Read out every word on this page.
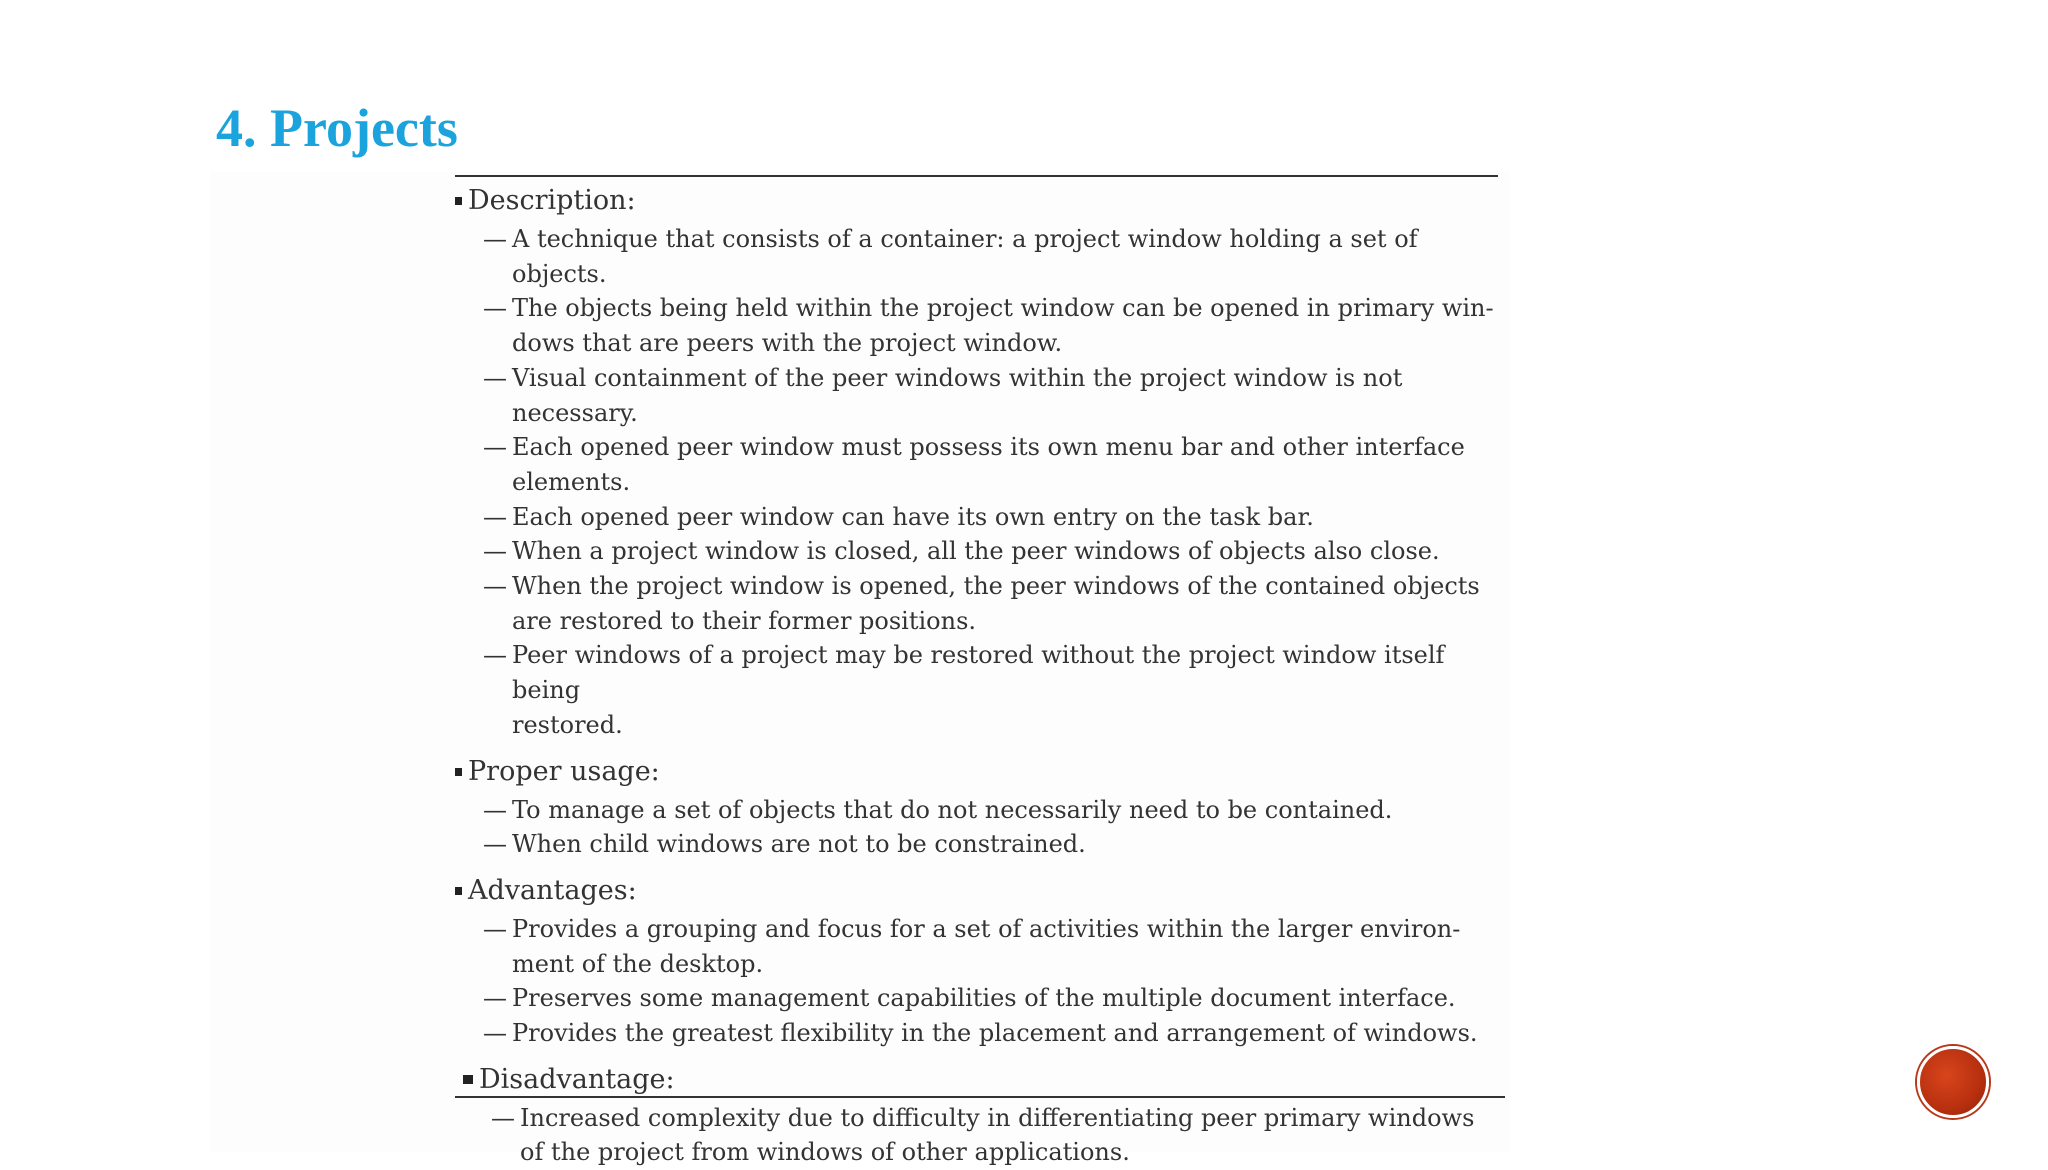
4. Projects
Description:
— A technique that consists of a container: a project window holding a set of objects.
— The objects being held within the project window can be opened in primary win-
dows that are peers with the project window.
— Visual containment of the peer windows within the project window is not
necessary.
— Each opened peer window must possess its own menu bar and other interface
elements.
— Each opened peer window can have its own entry on the task bar.
— When a project window is closed, all the peer windows of objects also close.
— When the project window is opened, the peer windows of the contained objects
are restored to their former positions.
— Peer windows of a project may be restored without the project window itself being
restored.
Proper usage:
— To manage a set of objects that do not necessarily need to be contained.
— When child windows are not to be constrained.
Advantages:
— Provides a grouping and focus for a set of activities within the larger environ-
ment of the desktop.
— Preserves some management capabilities of the multiple document interface.
— Provides the greatest flexibility in the placement and arrangement of windows.
Disadvantage:
— Increased complexity due to difficulty in differentiating peer primary windows
of the project from windows of other applications.
